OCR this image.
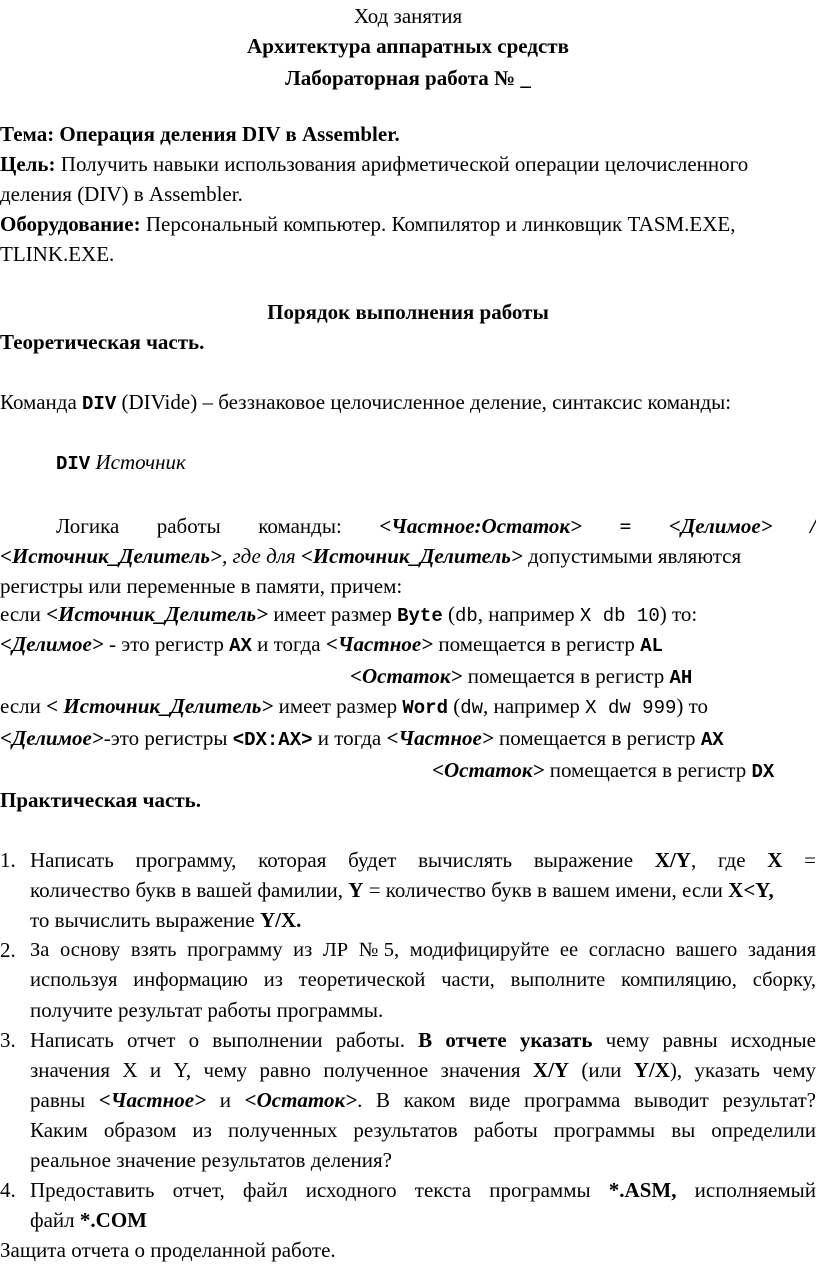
Ход занятия
Архитектура аппаратных средств
Лабораторная работа № _
Тема: Операция деления DIV в Assembler.
Цель: Получить навыки использования арифметической операции целочисленного
деления (DIV) в Assembler.
Оборудование: Персональный компьютер. Компилятор и линковщик TASM.EXE,
TLINK.EXE.
Порядок выполнения работы
Теоретическая часть.
Команда DIV (DIVide) – беззнаковое целочисленное деление, синтаксис команды:
DIV Источник
Логика работы команды: <Частное:Остаток> = <Делимое> /
<Источник_Делитель>, где для <Источник_Делитель> допустимыми являются
регистры или переменные в памяти, причем:
если <Источник_Делитель> имеет размер Byte (db, например X db 10) то:
<Делимое> - это регистр AX и тогда <Частное> помещается в регистр AL
<Остаток> помещается в регистр AH
если < Источник_Делитель> имеет размер Word (dw, например X dw 999) то
<Делимое>-это регистры <DX:AX> и тогда <Частное> помещается в регистр AX
<Остаток> помещается в регистр DX
Практическая часть.
1. Написать программу, которая будет вычислять выражение X/Y, где X =
количество букв в вашей фамилии, Y = количество букв в вашем имени, если X<Y,
то вычислить выражение Y/X.
2. За основу взять программу из ЛР №5, модифицируйте ее согласно вашего задания
используя информацию из теоретической части, выполните компиляцию, сборку,
получите результат работы программы.
3. Написать отчет о выполнении работы. В отчете указать чему равны исходные
значения X и Y, чему равно полученное значения X/Y (или Y/X), указать чему
равны <Частное> и <Остаток>. В каком виде программа выводит результат?
Каким образом из полученных результатов работы программы вы определили
реальное значение результатов деления?
4. Предоставить отчет, файл исходного текста программы *.ASM, исполняемый
файл *.COM
Защита отчета о проделанной работе.
